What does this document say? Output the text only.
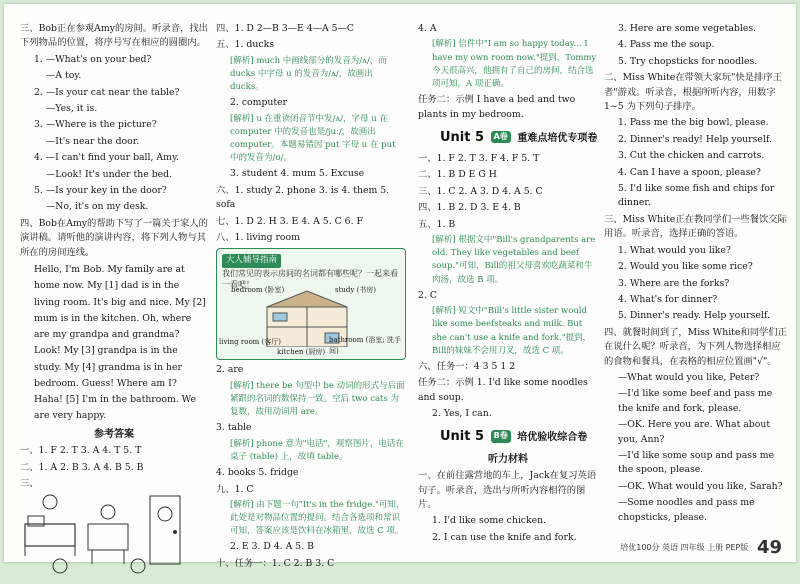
三、Bob正在参观Amy的房间。听录音，找出下列物品的位置，将序号写在相应的圆圈内。

1. —What's on your bed?

—A toy.

2. —Is your cat near the table?

—Yes, it is.

3. —Where is the picture?

—It's near the door.

4. —I can't find your ball, Amy.

—Look! It's under the bed.

5. —Is your key in the door?

—No, it's on my desk.

四、Bob在Amy的帮助下写了一篇关于家人的演讲稿。请听他的演讲内容，将下列人物与其所在的房间连线。

Hello, I'm Bob. My family are at home now. My [1] dad is in the living room. It's big and nice. My [2] mum is in the kitchen. Oh, where are my grandpa and grandma? Look! My [3] grandpa is in the study. My [4] grandma is in her bedroom. Guess! Where am I? Haha! [5] I'm in the bathroom. We are very happy.

参考答案

一、1. F 2. T 3. A 4. T 5. T

二、1. A 2. B 3. A 4. B 5. B

三、

四、1. D 2—B 3—E 4—A 5—C

五、1. ducks

[解析] much 中画线部分的发音为/ʌ/，而 ducks 中字母 u 的发音为/ʌ/，故画出 ducks。

2. computer

[解析] u 在重读闭音节中发/ʌ/，字母 u 在 computer 中的发音也是/juː/，故画出 computer。本题易错因 put 字母 u 在 put 中的发音为/ʊ/。

3. student 4. mum 5. Excuse

六、1. study 2. phone 3. is 4. them 5. sofa

七、1. D 2. H 3. E 4. A 5. C 6. F

八、1. living room

大人辅导指南
我们常见的表示房间的名词都有哪些呢？一起来看一看吧！
bedroom (卧室)	study (书房)
living room (客厅)	bathroom (浴室; 洗手间)
kitchen (厨房)

2. are

[解析] there be 句型中 be 动词的形式与后面紧跟的名词的数保持一致。空后 two cats 为复数，故用动词用 are。

3. table

[解析] phone 意为"电话"，观察图片，电话在桌子 (table) 上，故填 table。

4. books 5. fridge

九、1. C

[解析] 由下题一句"It's in the fridge."可知，此处是对物品位置的提问。结合各选项和常识可知，答案应该是饮料在冰箱里，故选 C 项。

2. E 3. D 4. A 5. B

十、任务一：1. C 2. B 3. C

4. A

[解析] 信件中"I am so happy today... I have my own room now."提到，Tommy今天很高兴，他拥有了自己的房间，结合选项可知，A 项正确。

任务二：示例 I have a bed and two plants in my bedroom.

Unit 5 A卷 重难点培优专项卷

一、1. F 2. T 3. F 4. F 5. T

二、1. B D E G H

三、1. C 2. A 3. D 4. A 5. C

四、1. B 2. D 3. E 4. B

五、1. B

[解析] 根据文中"Bill's grandparents are old. They like vegetables and beef soup."可知，Bill的祖父母喜欢吃蔬菜和牛肉汤，故选 B 项。

2. C

[解析] 短文中"Bill's little sister would like some beefsteaks and milk. But she can't use a knife and fork."提到，Bill的妹妹不会用刀叉，故选 C 项。

六、任务一：4 3 5 1 2

任务二：示例 1. I'd like some noodles and soup.

2. Yes, I can.

Unit 5 B卷 培优验收综合卷

听力材料

一、在前往露营地的车上，Jack在复习英语句子。听录音，选出与所听内容相符的图片。

1. I'd like some chicken.

2. I can use the knife and fork.

3. Here are some vegetables.

4. Pass me the soup.

5. Try chopsticks for noodles.

二、Miss White在带领大家玩"快是排序王者"游戏。听录音，根据所听内容，用数字 1~5 为下列句子排序。

1. Pass me the big bowl, please.

2. Dinner's ready! Help yourself.

3. Cut the chicken and carrots.

4. Can I have a spoon, please?

5. I'd like some fish and chips for dinner.

三、Miss White正在教同学们一些餐饮交际用语。听录音，选择正确的答语。

1. What would you like?

2. Would you like some rice?

3. Where are the forks?

4. What's for dinner?

5. Dinner's ready. Help yourself.

四、就餐时间到了，Miss White和同学们正在说什么呢？听录音，为下列人物选择相应的食物和餐具，在表格的相应位置画"√"。

—What would you like, Peter?

—I'd like some beef and pass me the knife and fork, please.

—OK. Here you are. What about you, Ann?

—I'd like some soup and pass me the spoon, please.

—OK. What would you like, Sarah?

—Some noodles and pass me chopsticks, please.

培优100分 英语 四年级 上册 PEP版 49
